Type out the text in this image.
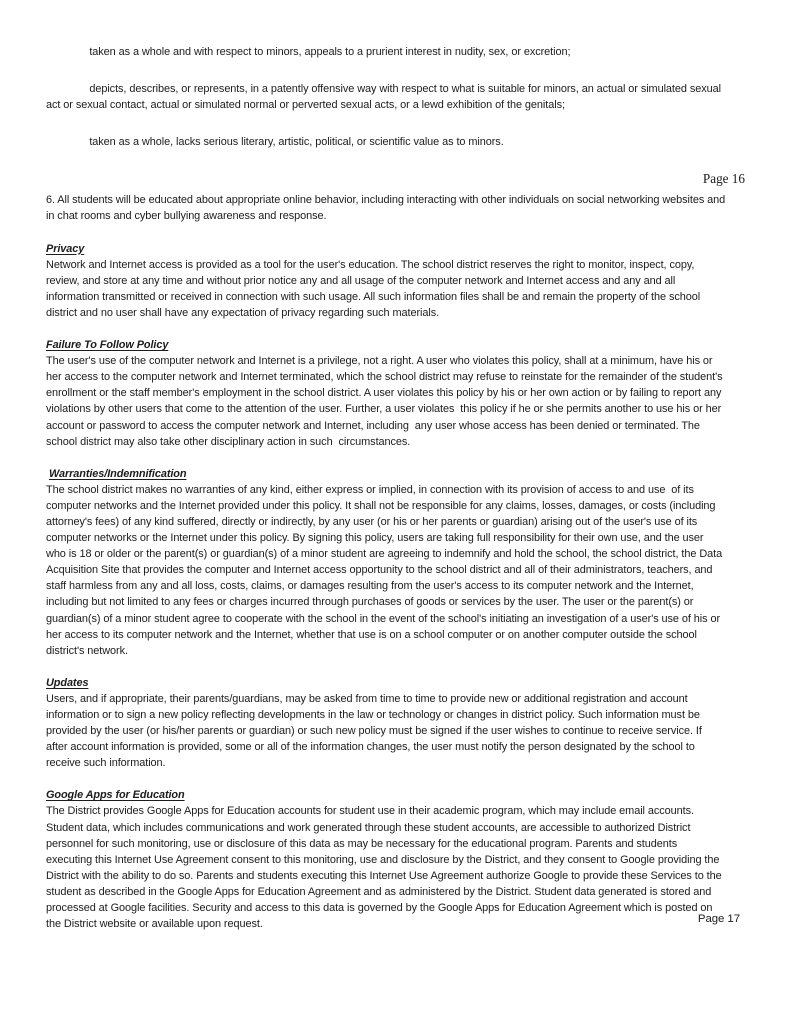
Page 16

taken as a whole and with respect to minors, appeals to a prurient interest in nudity, sex, or excretion;

depicts, describes, or represents, in a patently offensive way with respect to what is suitable for minors, an actual or simulated sexual act or sexual contact, actual or simulated normal or perverted sexual acts, or a lewd exhibition of the genitals;

taken as a whole, lacks serious literary, artistic, political, or scientific value as to minors.

6. All students will be educated about appropriate online behavior, including interacting with other individuals on social networking websites and in chat rooms and cyber bullying awareness and response.

Privacy

Network and Internet access is provided as a tool for the user's education. The school district reserves the right to monitor, inspect, copy, review, and store at any time and without prior notice any and all usage of the computer network and Internet access and any and all information transmitted or received in connection with such usage. All such information files shall be and remain the property of the school district and no user shall have any expectation of privacy regarding such materials.

Failure To Follow Policy

The user's use of the computer network and Internet is a privilege, not a right. A user who violates this policy, shall at a minimum, have his or her access to the computer network and Internet terminated, which the school district may refuse to reinstate for the remainder of the student's enrollment or the staff member's employment in the school district. A user violates this policy by his or her own action or by failing to report any violations by other users that come to the attention of the user. Further, a user violates  this policy if he or she permits another to use his or her account or password to access the computer network and Internet, including  any user whose access has been denied or terminated. The school district may also take other disciplinary action in such  circumstances.

Warranties/Indemnification

The school district makes no warranties of any kind, either express or implied, in connection with its provision of access to and use  of its computer networks and the Internet provided under this policy. It shall not be responsible for any claims, losses, damages, or costs (including attorney's fees) of any kind suffered, directly or indirectly, by any user (or his or her parents or guardian) arising out of the user's use of its computer networks or the Internet under this policy. By signing this policy, users are taking full responsibility for their own use, and the user who is 18 or older or the parent(s) or guardian(s) of a minor student are agreeing to indemnify and hold the school, the school district, the Data Acquisition Site that provides the computer and Internet access opportunity to the school district and all of their administrators, teachers, and staff harmless from any and all loss, costs, claims, or damages resulting from the user's access to its computer network and the Internet, including but not limited to any fees or charges incurred through purchases of goods or services by the user. The user or the parent(s) or guardian(s) of a minor student agree to cooperate with the school in the event of the school's initiating an investigation of a user's use of his or her access to its computer network and the Internet, whether that use is on a school computer or on another computer outside the school district's network.

Updates

Users, and if appropriate, their parents/guardians, may be asked from time to time to provide new or additional registration and account information or to sign a new policy reflecting developments in the law or technology or changes in district policy. Such information must be provided by the user (or his/her parents or guardian) or such new policy must be signed if the user wishes to continue to receive service. If after account information is provided, some or all of the information changes, the user must notify the person designated by the school to receive such information.

Google Apps for Education

The District provides Google Apps for Education accounts for student use in their academic program, which may include email accounts. Student data, which includes communications and work generated through these student accounts, are accessible to authorized District personnel for such monitoring, use or disclosure of this data as may be necessary for the educational program. Parents and students executing this Internet Use Agreement consent to this monitoring, use and disclosure by the District, and they consent to Google providing the District with the ability to do so. Parents and students executing this Internet Use Agreement authorize Google to provide these Services to the student as described in the Google Apps for Education Agreement and as administered by the District. Student data generated is stored and processed at Google facilities. Security and access to this data is governed by the Google Apps for Education Agreement which is posted on the District website or available upon request.	Page 17
